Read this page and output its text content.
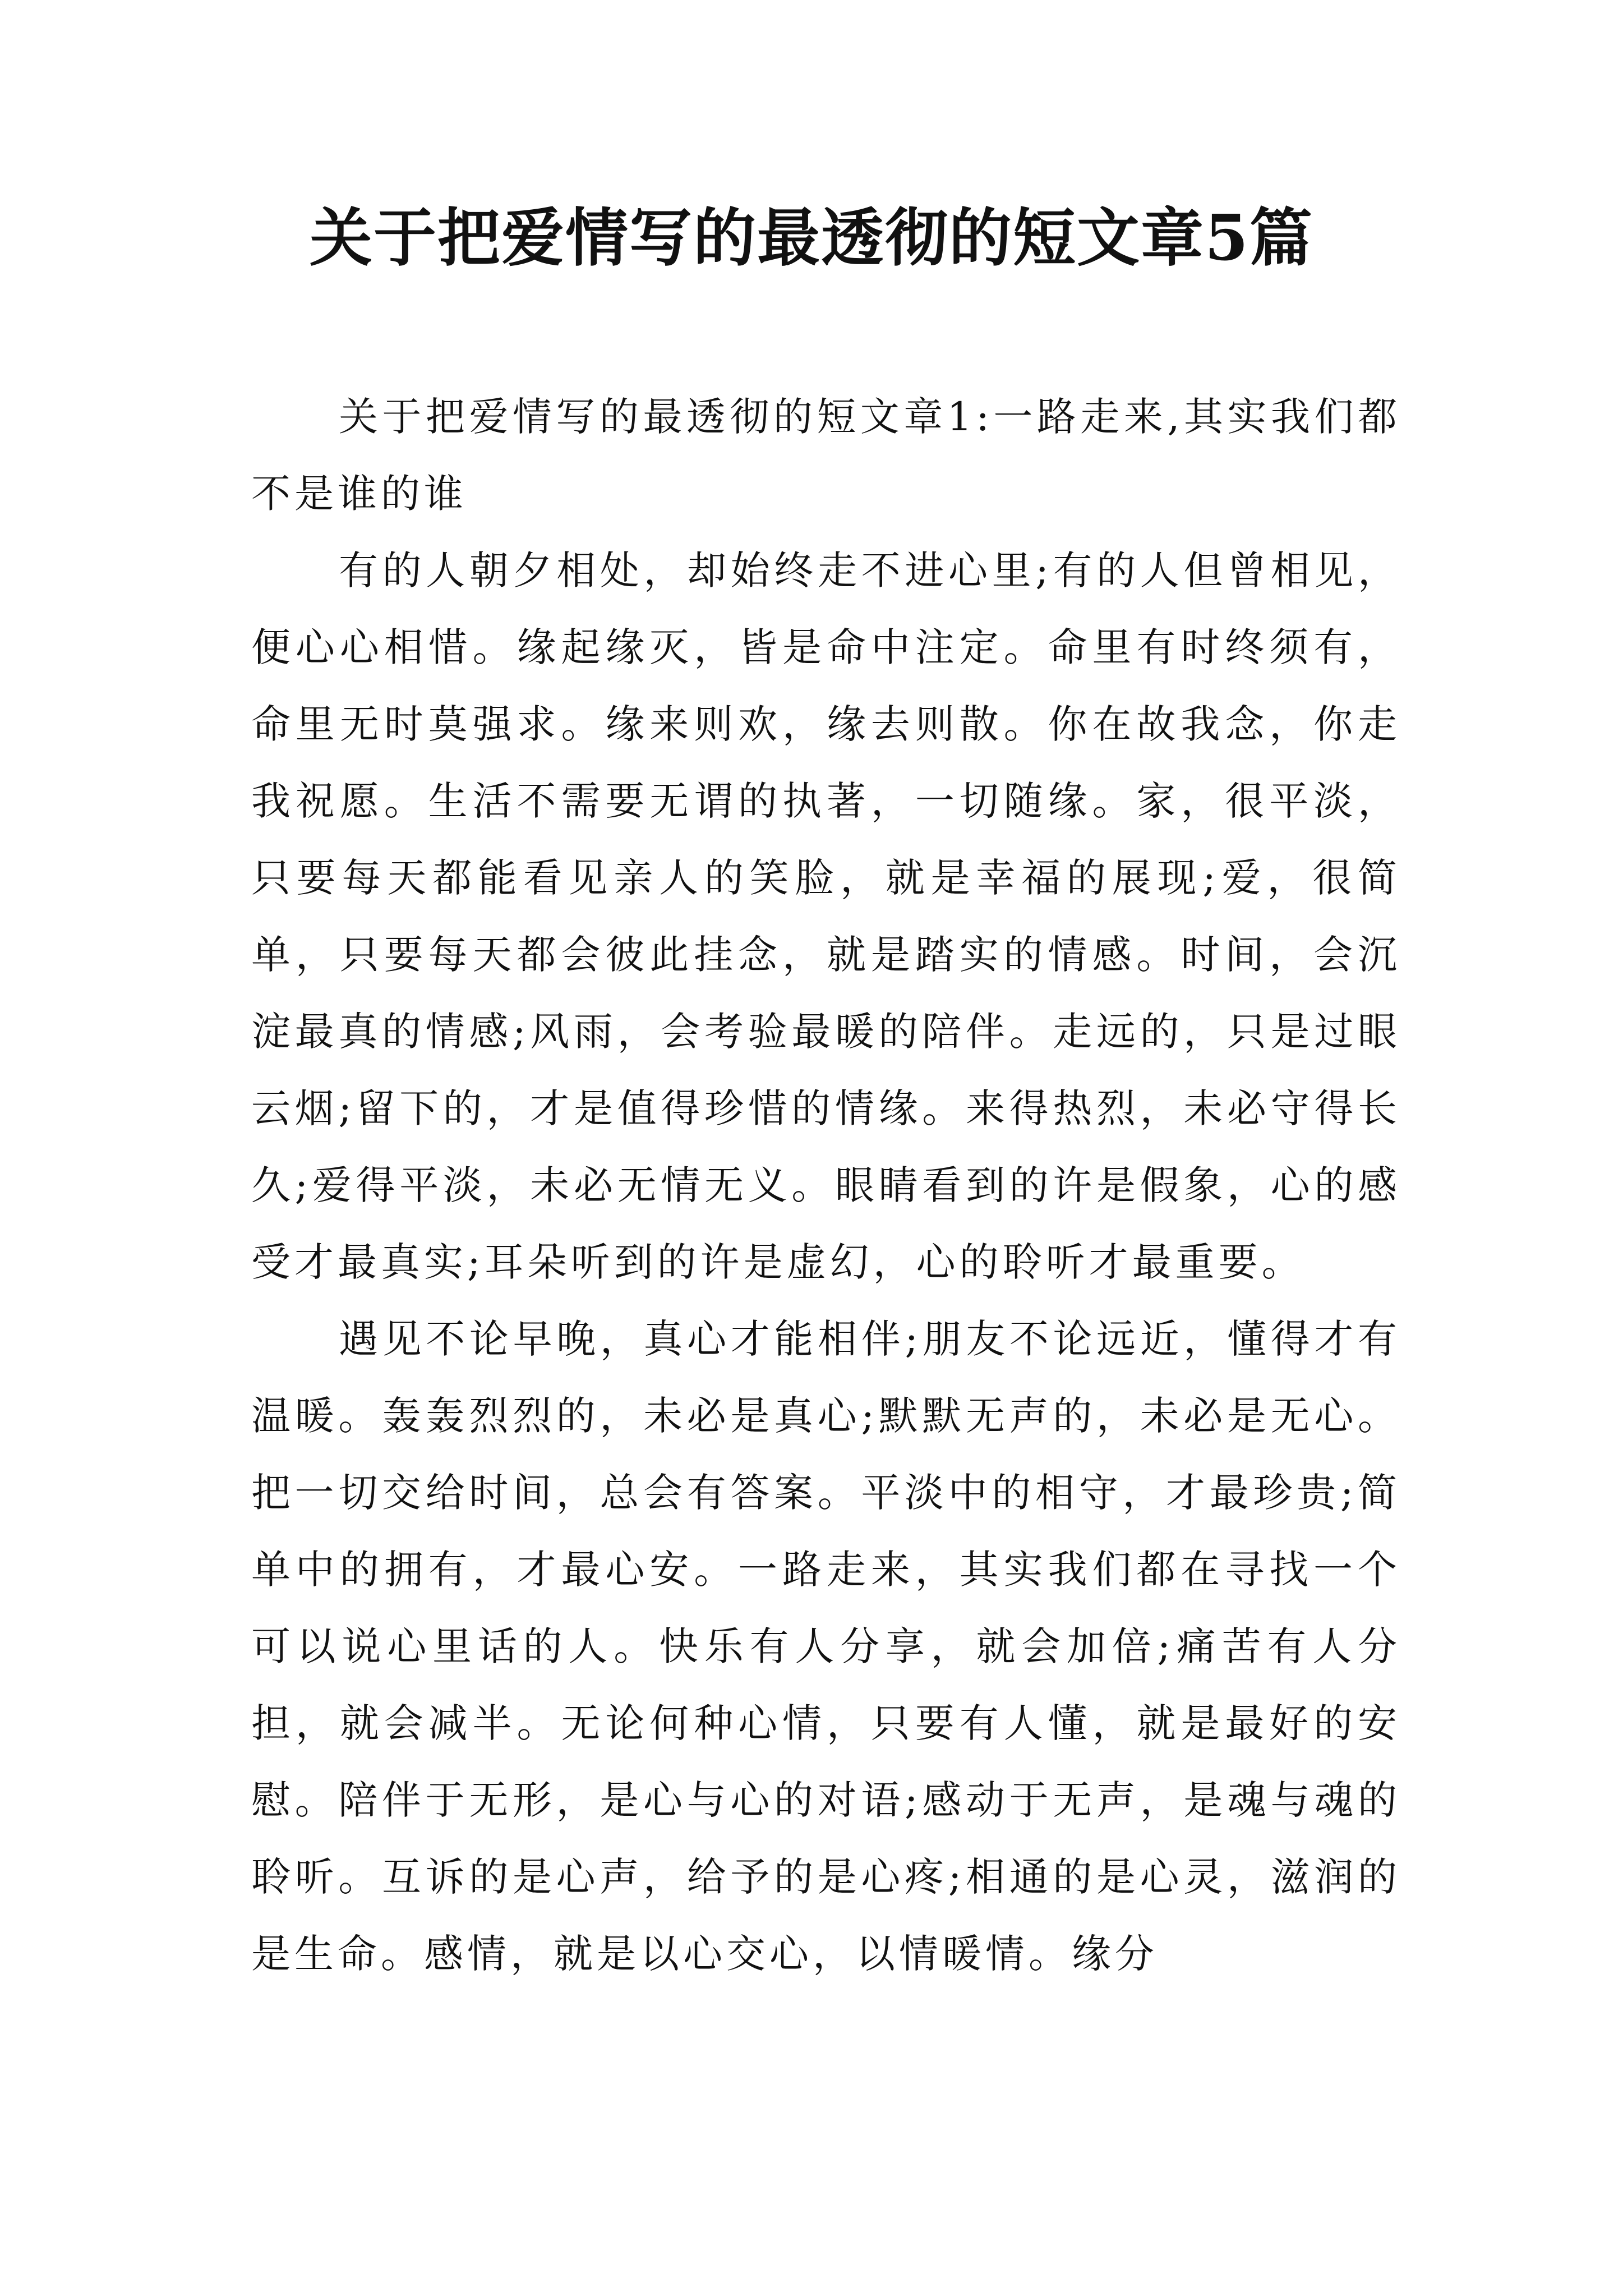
关于把爱情写的最透彻的短文章5篇

关于把爱情写的最透彻的短文章1:一路走来,其实我们都不是谁的谁

有的人朝夕相处，却始终走不进心里;有的人但曾相见，便心心相惜。缘起缘灭，皆是命中注定。命里有时终须有，命里无时莫强求。缘来则欢，缘去则散。你在故我念，你走我祝愿。生活不需要无谓的执著，一切随缘。家，很平淡，只要每天都能看见亲人的笑脸，就是幸福的展现;爱，很简单，只要每天都会彼此挂念，就是踏实的情感。时间，会沉淀最真的情感;风雨，会考验最暖的陪伴。走远的，只是过眼云烟;留下的，才是值得珍惜的情缘。来得热烈，未必守得长久;爱得平淡，未必无情无义。眼睛看到的许是假象，心的感受才最真实;耳朵听到的许是虚幻，心的聆听才最重要。

遇见不论早晚，真心才能相伴;朋友不论远近，懂得才有温暖。轰轰烈烈的，未必是真心;默默无声的，未必是无心。把一切交给时间，总会有答案。平淡中的相守，才最珍贵;简单中的拥有，才最心安。一路走来，其实我们都在寻找一个可以说心里话的人。快乐有人分享，就会加倍;痛苦有人分担，就会减半。无论何种心情，只要有人懂，就是最好的安慰。陪伴于无形，是心与心的对语;感动于无声，是魂与魂的聆听。互诉的是心声，给予的是心疼;相通的是心灵，滋润的是生命。感情，就是以心交心，以情暖情。缘分
